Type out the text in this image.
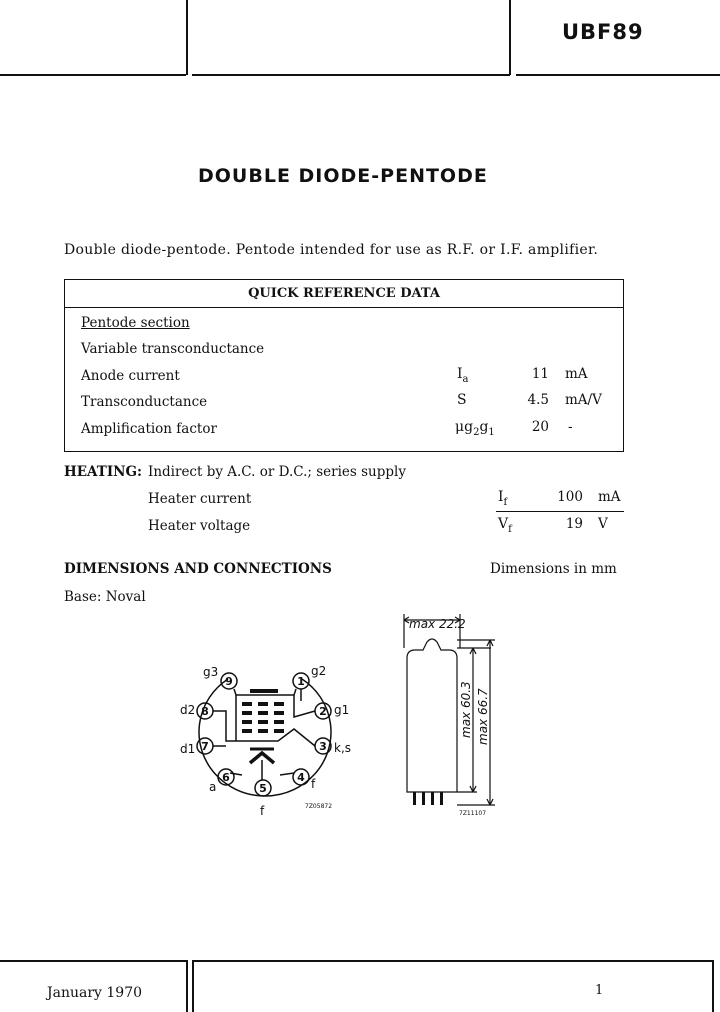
UBF89
DOUBLE DIODE-PENTODE
Double diode-pentode. Pentode intended for use as R.F. or I.F. amplifier.
QUICK REFERENCE DATA
Pentode section
Variable transconductance
Anode current	$I_a$	11 mA
Transconductance	S	4.5 mA/V
Amplification factor	$\mu g_2g_1$	20 -
HEATING: Indirect by A.C. or D.C.; series supply
Heater current	$I_f$	100 mA
Heater voltage	$V_f$	19 V
DIMENSIONS AND CONNECTIONS	Dimensions in mm
Base: Noval
1
2
3
4
5
6
7
8
9
g2
g1
k,s
f
f
a
d1
d2
g3
7Z05872
max 22.2
max 60.3 max 66.7
7Z11107
January 1970	1
